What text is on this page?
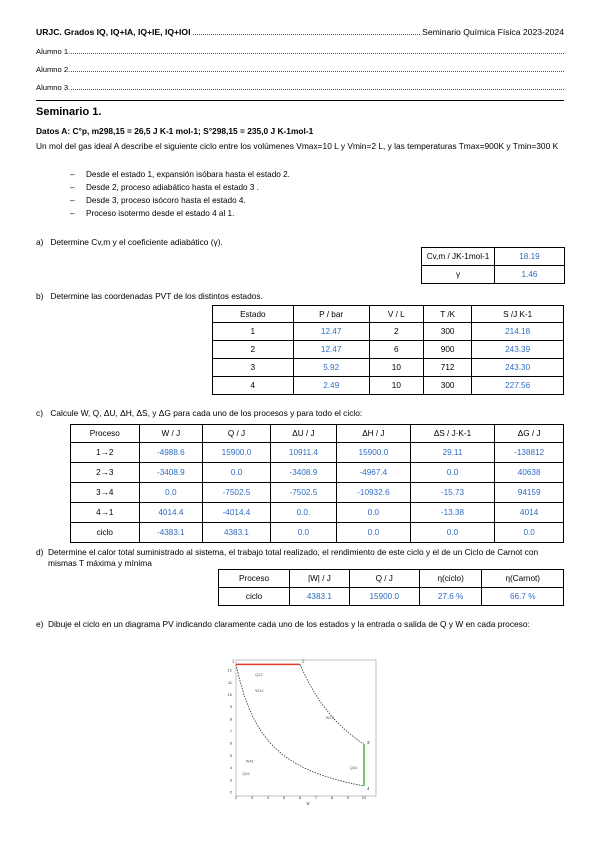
URJC. Grados IQ, IQ+IA, IQ+IE, IQ+IOI	Seminario Química Física 2023-2024
Alumno 1.
Alumno 2.
Alumno 3.
Seminario 1.
Datos A: C°p, m298,15 = 26,5 J K-1 mol-1; S°298,15 = 235,0 J K-1mol-1
Un mol del gas ideal A describe el siguiente ciclo entre los volúmenes Vmax=10 L y Vmin=2 L, y las temperaturas Tmax=900K y Tmin=300 K
– Desde el estado 1, expansión isóbara hasta el estado 2.
– Desde 2, proceso adiabático hasta el estado 3 .
– Desde 3, proceso isócoro hasta el estado 4.
– Proceso isotermo desde el estado 4 al 1.
a) Determine Cv,m y el coeficiente adiabático (γ).
Cv,m / JK-1mol-1	18.19
γ	1.46
b) Determine las coordenadas PVT de los distintos estados.
Estado	P / bar	V / L	T /K	S /J K-1
1	12.47	2	300	214.18
2	12.47	6	900	243.39
3	5.92	10	712	243.30
4	2.49	10	300	227.56
c) Calcule W, Q, ΔU, ΔH, ΔS, y ΔG para cada uno de los procesos y para todo el ciclo:
Proceso	W / J	Q / J	ΔU / J	ΔH / J	ΔS / J·K-1	ΔG / J
1→2	-4988.6	15900.0	10911.4	15900.0	29.11	-138812
2→3	-3408.9	0.0	-3408.9	-4967.4	0.0	40638
3→4	0.0	-7502.5	-7502.5	-10932.6	-15.73	94159
4→1	4014.4	-4014.4	0.0.	0.0	-13.38	4014
ciclo	-4383.1	4383.1	0.0	0.0	0.0	0.0
d) Determine el calor total suministrado al sistema, el trabajo total realizado, el rendimiento de este ciclo y el de un Ciclo de Carnot con mismas T máxima y mínima
Proceso	|W| / J	Q / J	η(ciclo)	η(Carnot)
ciclo	4383.1	15900.0	27.6 %	66.7 %
e) Dibuje el ciclo en un diagrama PV indicando claramente cada uno de los estados y la entrada o salida de Q y W en cada proceso:
2	3	4	5	6	7	8	9	10
12
11
10
9
8
7
6
5
4
3
2
1	2
3
4
Q12
W12
W23
W41
Q41
Q34
V
